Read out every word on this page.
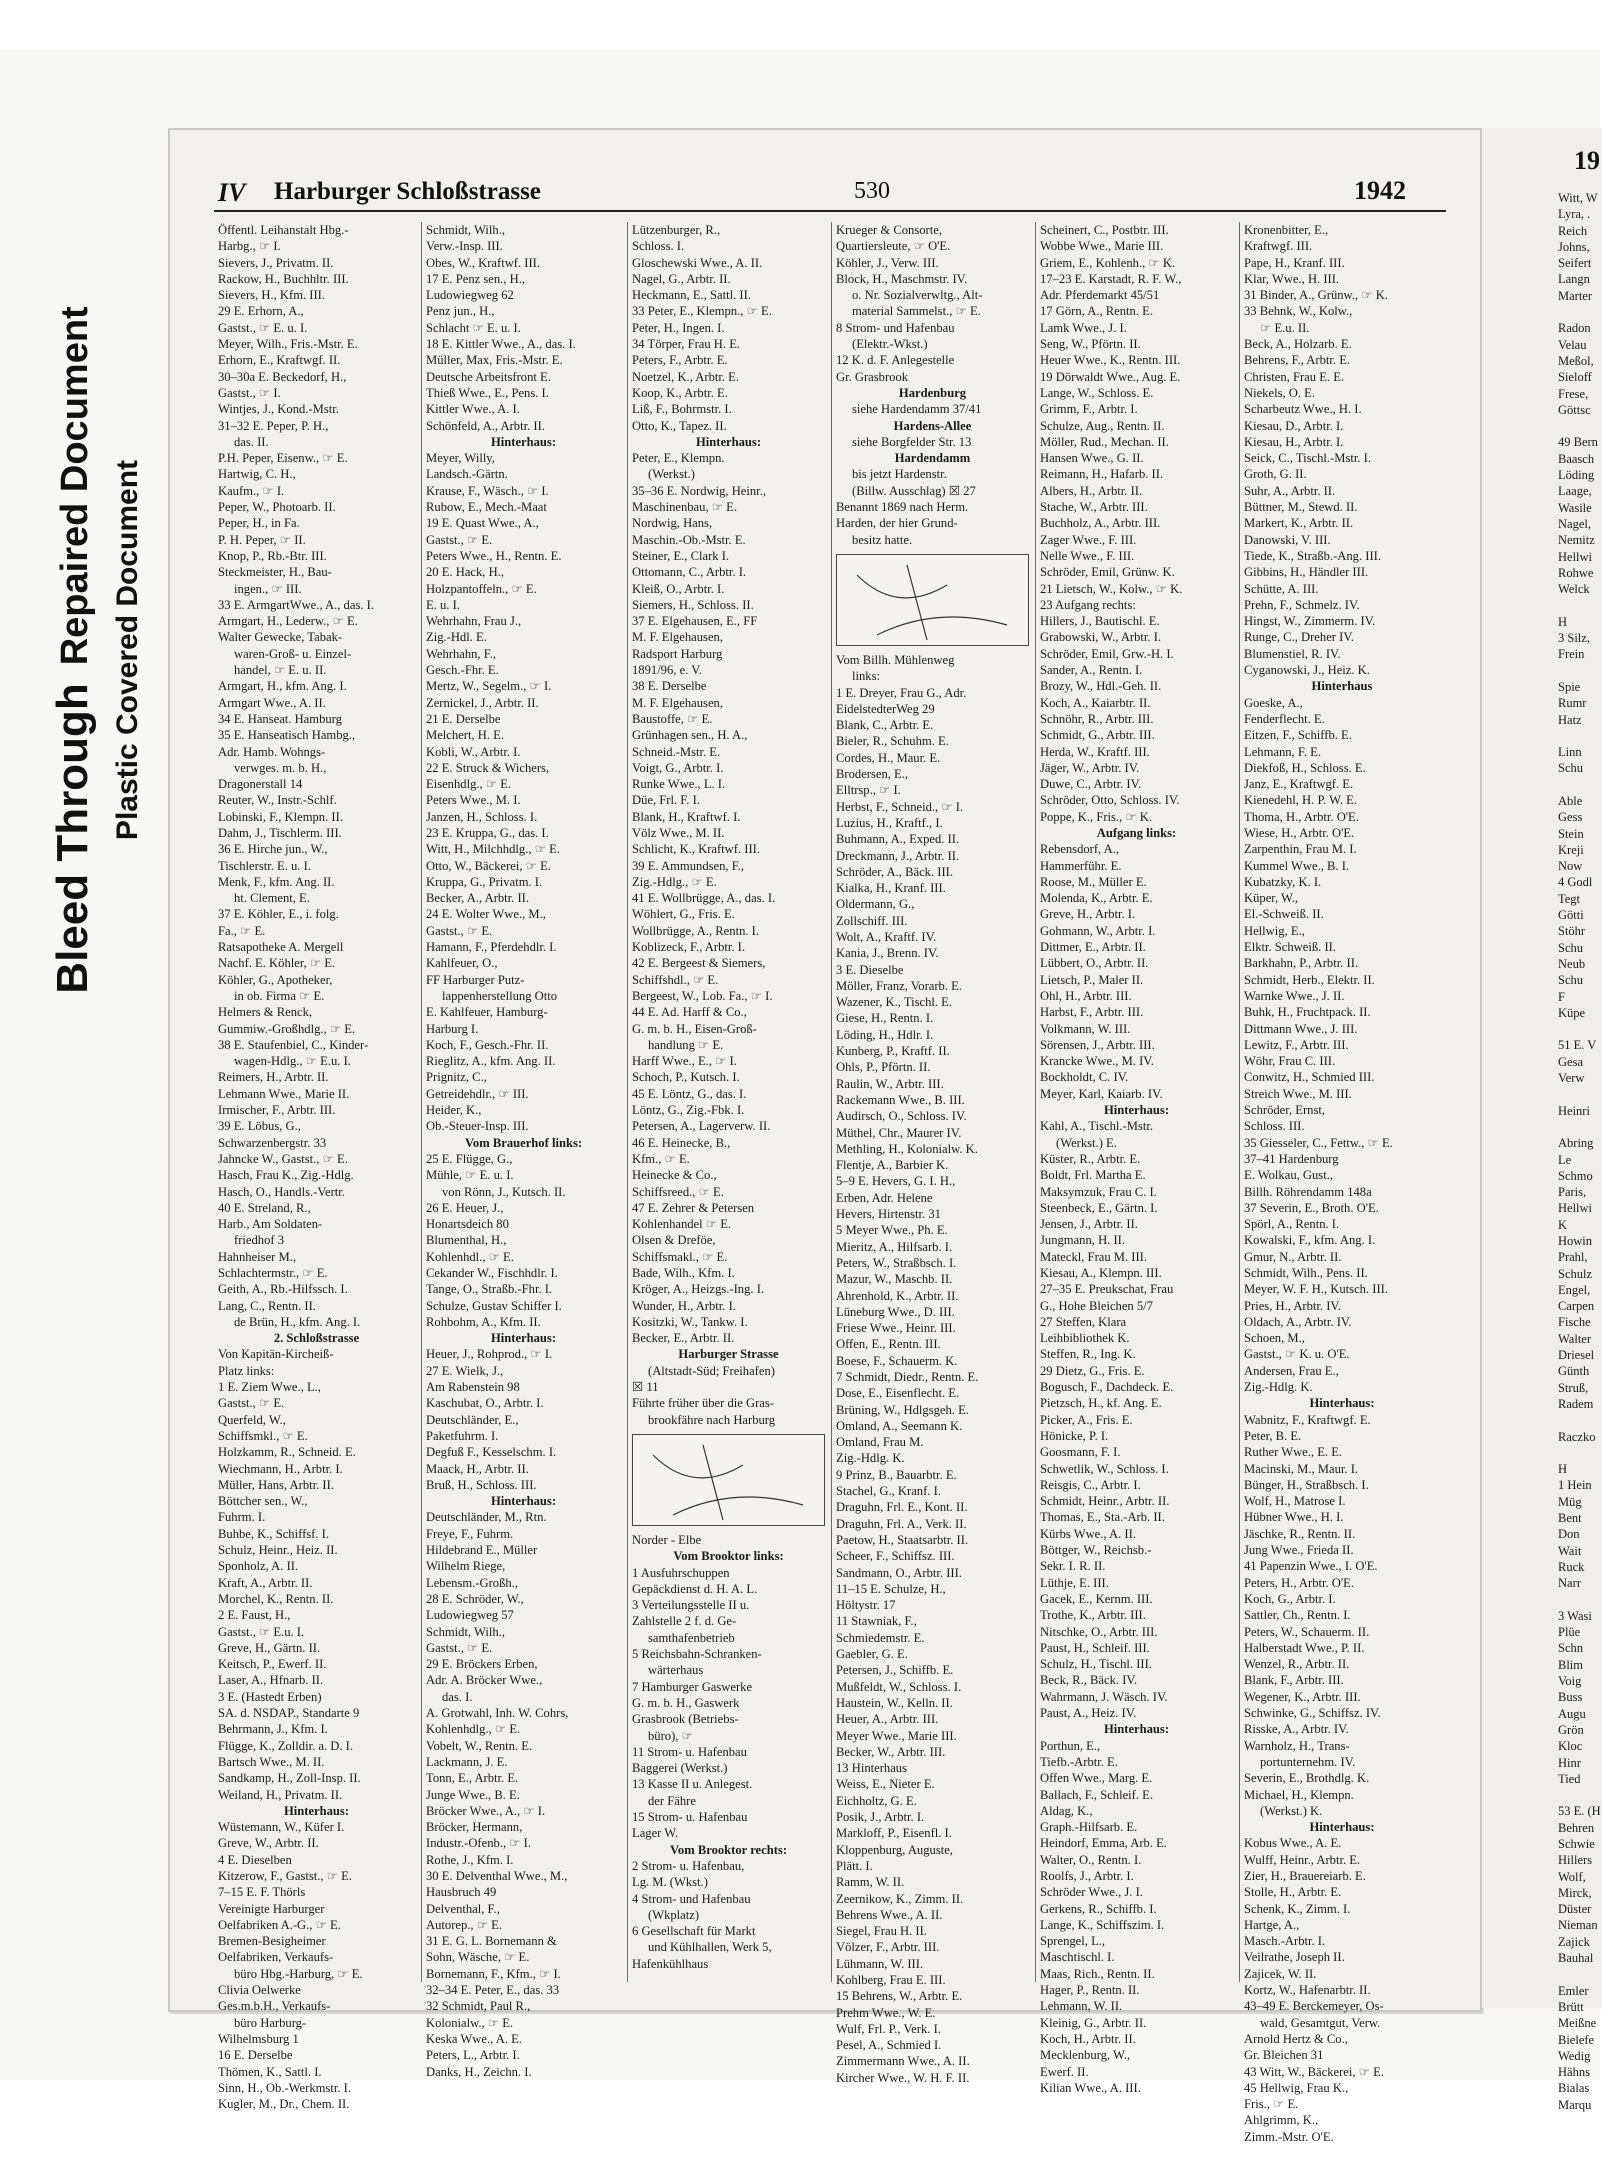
Bleed Through
Repaired Document Plastic Covered Document
IV Harburger Schloßstrasse	530	1942
Öffentl. Leihanstalt Hbg.-
Harbg., ☞ I.
Sievers, J., Privatm. II.
Rackow, H., Buchhltr. III.
Sievers, H., Kfm. III.
29 E. Erhorn, A.,
Gastst., ☞ E. u. I.
Meyer, Wilh., Fris.-Mstr. E.
Erhorn, E., Kraftwgf. II.
30–30a E. Beckedorf, H.,
Gastst., ☞ I.
Wintjes, J., Kond.-Mstr.
31–32 E. Peper, P. H.,
das. II.
P.H. Peper, Eisenw., ☞ E.
Hartwig, C. H.,
Kaufm., ☞ I.
Peper, W., Photoarb. II.
Peper, H., in Fa.
P. H. Peper, ☞ II.
Knop, P., Rb.-Btr. III.
Steckmeister, H., Bau-
ingen., ☞ III.
33 E. ArmgartWwe., A., das. I.
Armgart, H., Lederw., ☞ E.
Walter Gewecke, Tabak-
waren-Groß- u. Einzel-
handel, ☞ E. u. II.
Armgart, H., kfm. Ang. I.
Armgart Wwe., A. II.
34 E. Hanseat. Hamburg
35 E. Hanseatisch Hambg.,
Adr. Hamb. Wohngs-
verwges. m. b. H.,
Dragonerstall 14
Reuter, W., Instr.-Schlf.
Lobinski, F., Klempn. II.
Dahm, J., Tischlerm. III.
36 E. Hirche jun., W.,
Tischlerstr. E. u. I.
Menk, F., kfm. Ang. II.
ht. Clement, E.
37 E. Köhler, E., i. folg.
Fa., ☞ E.
Ratsapotheke A. Mergell
Nachf. E. Köhler, ☞ E.
Köhler, G., Apotheker,
in ob. Firma ☞ E.
Helmers & Renck,
Gummiw.-Großhdlg., ☞ E.
38 E. Staufenbiel, C., Kinder-
wagen-Hdlg., ☞ E.u. I.
Reimers, H., Arbtr. II.
Lehmann Wwe., Marie II.
Irmischer, F., Arbtr. III.
39 E. Löbus, G.,
Schwarzenbergstr. 33
Jahncke W., Gastst., ☞ E.
Hasch, Frau K., Zig.-Hdlg.
Hasch, O., Handls.-Vertr.
40 E. Streland, R.,
Harb., Am Soldaten-
friedhof 3
Hahnheiser M.,
Schlachtermstr., ☞ E.
Geith, A., Rb.-Hilfssch. I.
Lang, C., Rentn. II.
de Brün, H., kfm. Ang. I.
2. Schloßstrasse
Von Kapitän-Kircheiß-
Platz links:
1 E. Ziem Wwe., L.,
Gastst., ☞ E.
Querfeld, W.,
Schiffsmkl., ☞ E.
Holzkamm, R., Schneid. E.
Wiechmann, H., Arbtr. I.
Müller, Hans, Arbtr. II.
Böttcher sen., W.,
Fuhrm. I.
Buhbe, K., Schiffsf. I.
Schulz, Heinr., Heiz. II.
Sponholz, A. II.
Kraft, A., Arbtr. II.
Morchel, K., Rentn. II.
2 E. Faust, H.,
Gastst., ☞ E.u. I.
Greve, H., Gärtn. II.
Keitsch, P., Ewerf. II.
Laser, A., Hfnarb. II.
3 E. (Hastedt Erben)
SA. d. NSDAP., Standarte 9
Behrmann, J., Kfm. I.
Flügge, K., Zolldir. a. D. I.
Bartsch Wwe., M. II.
Sandkamp, H., Zoll-Insp. II.
Weiland, H., Privatm. II.
Hinterhaus:
Wüstemann, W., Küfer I.
Greve, W., Arbtr. II.
4 E. Dieselben
Kitzerow, F., Gastst., ☞ E.
7–15 E. F. Thörls
Vereinigte Harburger
Oelfabriken A.-G., ☞ E.
Bremen-Besigheimer
Oelfabriken, Verkaufs-
büro Hbg.-Harburg, ☞ E.
Clivia Oelwerke
Ges.m.b.H., Verkaufs-
büro Harburg-
Wilhelmsburg 1
16 E. Derselbe
Thömen, K., Sattl. I.
Sinn, H., Ob.-Werkmstr. I.
Kugler, M., Dr., Chem. II.
Schmidt, Wilh.,
Verw.-Insp. III.
Obes, W., Kraftwf. III.
17 E. Penz sen., H.,
Ludowiegweg 62
Penz jun., H.,
Schlacht ☞ E. u. I.
18 E. Kittler Wwe., A., das. I.
Müller, Max, Fris.-Mstr. E.
Deutsche Arbeitsfront E.
Thieß Wwe., E., Pens. I.
Kittler Wwe., A. I.
Schönfeld, A., Arbtr. II.
Hinterhaus:
Meyer, Willy,
Landsch.-Gärtn.
Krause, F., Wäsch., ☞ I.
Rubow, E., Mech.-Maat
19 E. Quast Wwe., A.,
Gastst., ☞ E.
Peters Wwe., H., Rentn. E.
20 E. Hack, H.,
Holzpantoffeln., ☞ E.
E. u. I.
Wehrhahn, Frau J.,
Zig.-Hdl. E.
Wehrhahn, F.,
Gesch.-Fhr. E.
Mertz, W., Segelm., ☞ I.
Zernickel, J., Arbtr. II.
21 E. Derselbe
Melchert, H. E.
Kobli, W., Arbtr. I.
22 E. Struck & Wichers,
Eisenhdlg., ☞ E.
Peters Wwe., M. I.
Janzen, H., Schloss. I.
23 E. Kruppa, G., das. I.
Witt, H., Milchhdlg., ☞ E.
Otto, W., Bäckerei, ☞ E.
Kruppa, G., Privatm. I.
Becker, A., Arbtr. II.
24 E. Wolter Wwe., M.,
Gastst., ☞ E.
Hamann, F., Pferdehdlr. I.
Kahlfeuer, O.,
FF Harburger Putz-
lappenherstellung Otto
E. Kahlfeuer, Hamburg-
Harburg I.
Koch, F., Gesch.-Fhr. II.
Rieglitz, A., kfm. Ang. II.
Prignitz, C.,
Getreidehdlr., ☞ III.
Heider, K.,
Ob.-Steuer-Insp. III.
Vom Brauerhof links:
25 E. Flügge, G.,
Mühle, ☞ E. u. I.
von Rönn, J., Kutsch. II.
26 E. Heuer, J.,
Honartsdeich 80
Blumenthal, H.,
Kohlenhdl., ☞ E.
Cekander W., Fischhdlr. I.
Tange, O., Straßb.-Fhr. I.
Schulze, Gustav Schiffer I.
Rohbohm, A., Kfm. II.
Hinterhaus:
Heuer, J., Rohprod., ☞ I.
27 E. Wielk, J.,
Am Rabenstein 98
Kaschubat, O., Arbtr. I.
Deutschländer, E.,
Paketfuhrm. I.
Degfuß F., Kesselschm. I.
Maack, H., Arbtr. II.
Bruß, H., Schloss. III.
Hinterhaus:
Deutschländer, M., Rtn.
Freye, F., Fuhrm.
Hildebrand E., Müller
Wilhelm Riege,
Lebensm.-Großh.,
28 E. Schröder, W.,
Ludowiegweg 57
Schmidt, Wilh.,
Gastst., ☞ E.
29 E. Bröckers Erben,
Adr. A. Bröcker Wwe.,
das. I.
A. Grotwahl, Inh. W. Cohrs,
Kohlenhdlg., ☞ E.
Vobelt, W., Rentn. E.
Lackmann, J. E.
Tonn, E., Arbtr. E.
Junge Wwe., B. E.
Bröcker Wwe., A., ☞ I.
Bröcker, Hermann,
Industr.-Ofenb., ☞ I.
Rothe, J., Kfm. I.
30 E. Delventhal Wwe., M.,
Hausbruch 49
Delventhal, F.,
Autorep., ☞ E.
31 E. G. L. Bornemann &
Sohn, Wäsche, ☞ E.
Bornemann, F., Kfm., ☞ I.
32–34 E. Peter, E., das. 33
32 Schmidt, Paul R.,
Kolonialw., ☞ E.
Keska Wwe., A. E.
Peters, L., Arbtr. I.
Danks, H., Zeichn. I.
Lützenburger, R.,
Schloss. I.
Gloschewski Wwe., A. II.
Nagel, G., Arbtr. II.
Heckmann, E., Sattl. II.
33 Peter, E., Klempn., ☞ E.
Peter, H., Ingen. I.
34 Törper, Frau H. E.
Peters, F., Arbtr. E.
Noetzel, K., Arbtr. E.
Koop, K., Arbtr. E.
Liß, F., Bohrmstr. I.
Otto, K., Tapez. II.
Hinterhaus:
Peter, E., Klempn.
(Werkst.)
35–36 E. Nordwig, Heinr.,
Maschinenbau, ☞ E.
Nordwig, Hans,
Maschin.-Ob.-Mstr. E.
Steiner, E., Clark I.
Ottomann, C., Arbtr. I.
Kleiß, O., Arbtr. I.
Siemers, H., Schloss. II.
37 E. Elgehausen, E., FF
M. F. Elgehausen,
Radsport Harburg
1891/96, e. V.
38 E. Derselbe
M. F. Elgehausen,
Baustoffe, ☞ E.
Grünhagen sen., H. A.,
Schneid.-Mstr. E.
Voigt, G., Arbtr. I.
Runke Wwe., L. I.
Düe, Frl. F. I.
Blank, H., Kraftwf. I.
Völz Wwe., M. II.
Schlicht, K., Kraftwf. III.
39 E. Ammundsen, F.,
Zig.-Hdlg., ☞ E.
41 E. Wollbrügge, A., das. I.
Wöhlert, G., Fris. E.
Wollbrügge, A., Rentn. I.
Koblizeck, F., Arbtr. I.
42 E. Bergeest & Siemers,
Schiffshdl., ☞ E.
Bergeest, W., Lob. Fa., ☞ I.
44 E. Ad. Harff & Co.,
G. m. b. H., Eisen-Groß-
handlung ☞ E.
Harff Wwe., E., ☞ I.
Schoch, P., Kutsch. I.
45 E. Löntz, G., das. I.
Löntz, G., Zig.-Fbk. I.
Petersen, A., Lagerverw. II.
46 E. Heinecke, B.,
Kfm., ☞ E.
Heinecke & Co.,
Schiffsreed., ☞ E.
47 E. Zehrer & Petersen
Kohlenhandel ☞ E.
Olsen & Dreföe,
Schiffsmakl., ☞ E.
Bade, Wilh., Kfm. I.
Kröger, A., Heizgs.-Ing. I.
Wunder, H., Arbtr. I.
Kositzki, W., Tankw. I.
Becker, E., Arbtr. II.
Harburger Strasse
(Altstadt-Süd; Freihafen)
☒ 11
Führte früher über die Gras-
brookfähre nach Harburg
Norder - Elbe
Vom Brooktor links:
1 Ausfuhrschuppen
Gepäckdienst d. H. A. L.
3 Verteilungsstelle II u.
Zahlstelle 2 f. d. Ge-
samthafenbetrieb
5 Reichsbahn-Schranken-
wärterhaus
7 Hamburger Gaswerke
G. m. b. H., Gaswerk
Grasbrook (Betriebs-
büro), ☞
11 Strom- u. Hafenbau
Baggerei (Werkst.)
13 Kasse II u. Anlegest.
der Fähre
15 Strom- u. Hafenbau
Lager W.
Vom Brooktor rechts:
2 Strom- u. Hafenbau,
Lg. M. (Wkst.)
4 Strom- und Hafenbau
(Wkplatz)
6 Gesellschaft für Markt
und Kühlhallen, Werk 5,
Hafenkühlhaus
Krueger & Consorte,
Quartiersleute, ☞ O'E.
Köhler, J., Verw. III.
Block, H., Maschmstr. IV.
o. Nr. Sozialverwltg., Alt-
material Sammelst., ☞ E.
8 Strom- und Hafenbau
(Elektr.-Wkst.)
12 K. d. F. Anlegestelle
Gr. Grasbrook
Hardenburg
siehe Hardendamm 37/41
Hardens-Allee
siehe Borgfelder Str. 13
Hardendamm
bis jetzt Hardenstr.
(Billw. Ausschlag) ☒ 27
Benannt 1869 nach Herm.
Harden, der hier Grund-
besitz hatte.
Vom Billh. Mühlenweg
links:
1 E. Dreyer, Frau G., Adr.
EidelstedterWeg 29
Blank, C., Arbtr. E.
Bieler, R., Schuhm. E.
Cordes, H., Maur. E.
Brodersen, E.,
Elltrsp., ☞ I.
Herbst, F., Schneid., ☞ I.
Luzius, H., Kraftf., I.
Buhmann, A., Exped. II.
Dreckmann, J., Arbtr. II.
Schröder, A., Bäck. III.
Kialka, H., Kranf. III.
Oldermann, G.,
Zollschiff. III.
Wolt, A., Kraftf. IV.
Kania, J., Brenn. IV.
3 E. Dieselbe
Möller, Franz, Vorarb. E.
Wazener, K., Tischl. E.
Giese, H., Rentn. I.
Löding, H., Hdlr. I.
Kunberg, P., Kraftf. II.
Ohls, P., Pförtn. II.
Raulin, W., Arbtr. III.
Rackemann Wwe., B. III.
Audirsch, O., Schloss. IV.
Müthel, Chr., Maurer IV.
Methling, H., Kolonialw. K.
Flentje, A., Barbier K.
5–9 E. Hevers, G. I. H.,
Erben, Adr. Helene
Hevers, Hirtenstr. 31
5 Meyer Wwe., Ph. E.
Mieritz, A., Hilfsarb. I.
Peters, W., Straßbsch. I.
Mazur, W., Maschb. II.
Ahrenhold, K., Arbtr. II.
Lüneburg Wwe., D. III.
Friese Wwe., Heinr. III.
Offen, E., Rentn. III.
Boese, F., Schauerm. K.
7 Schmidt, Diedr., Rentn. E.
Dose, E., Eisenflecht. E.
Brüning, W., Hdlgsgeh. E.
Omland, A., Seemann K.
Omland, Frau M.
Zig.-Hdlg. K.
9 Prinz, B., Bauarbtr. E.
Stachel, G., Kranf. I.
Draguhn, Frl. E., Kont. II.
Draguhn, Frl. A., Verk. II.
Paetow, H., Staatsarbtr. II.
Scheer, F., Schiffsz. III.
Sandmann, O., Arbtr. III.
11–15 E. Schulze, H.,
Höltystr. 17
11 Stawniak, F.,
Schmiedemstr. E.
Gaebler, G. E.
Petersen, J., Schiffb. E.
Mußfeldt, W., Schloss. I.
Haustein, W., Kelln. II.
Heuer, A., Arbtr. III.
Meyer Wwe., Marie III.
Becker, W., Arbtr. III.
13 Hinterhaus
Weiss, E., Nieter E.
Eichholtz, G. E.
Posik, J., Arbtr. I.
Markloff, P., Eisenfl. I.
Kloppenburg, Auguste,
Plätt. I.
Ramm, W. II.
Zeernikow, K., Zimm. II.
Behrens Wwe., A. II.
Siegel, Frau H. II.
Völzer, F., Arbtr. III.
Lühmann, W. III.
Kohlberg, Frau E. III.
15 Behrens, W., Arbtr. E.
Prehm Wwe., W. E.
Wulf, Frl. P., Verk. I.
Pesel, A., Schmied I.
Zimmermann Wwe., A. II.
Kircher Wwe., W. H. F. II.
Scheinert, C., Postbtr. III.
Wobbe Wwe., Marie III.
Griem, E., Kohlenh., ☞ K.
17–23 E. Karstadt, R. F. W.,
Adr. Pferdemarkt 45/51
17 Görn, A., Rentn. E.
Lamk Wwe., J. I.
Seng, W., Pförtn. II.
Heuer Wwe., K., Rentn. III.
19 Dörwaldt Wwe., Aug. E.
Lange, W., Schloss. E.
Grimm, F., Arbtr. I.
Schulze, Aug., Rentn. II.
Möller, Rud., Mechan. II.
Hansen Wwe., G. II.
Reimann, H., Hafarb. II.
Albers, H., Arbtr. II.
Stache, W., Arbtr. III.
Buchholz, A., Arbtr. III.
Zager Wwe., F. III.
Nelle Wwe., F. III.
Schröder, Emil, Grünw. K.
21 Lietsch, W., Kolw., ☞ K.
23 Aufgang rechts:
Hillers, J., Bautischl. E.
Grabowski, W., Arbtr. I.
Schröder, Emil, Grw.-H. I.
Sander, A., Rentn. I.
Brozy, W., Hdl.-Geh. II.
Koch, A., Kaiarbtr. II.
Schnöhr, R., Arbtr. III.
Schmidt, G., Arbtr. III.
Herda, W., Kraftf. III.
Jäger, W., Arbtr. IV.
Duwe, C., Arbtr. IV.
Schröder, Otto, Schloss. IV.
Poppe, K., Fris., ☞ K.
Aufgang links:
Rebensdorf, A.,
Hammerführ. E.
Roose, M., Müller E.
Molenda, K., Arbtr. E.
Greve, H., Arbtr. I.
Gohmann, W., Arbtr. I.
Dittmer, E., Arbtr. II.
Lübbert, O., Arbtr. II.
Lietsch, P., Maler II.
Ohl, H., Arbtr. III.
Harbst, F., Arbtr. III.
Volkmann, W. III.
Sörensen, J., Arbtr. III.
Krancke Wwe., M. IV.
Bockholdt, C. IV.
Meyer, Karl, Kaiarb. IV.
Hinterhaus:
Kahl, A., Tischl.-Mstr.
(Werkst.) E.
Küster, R., Arbtr. E.
Boldt, Frl. Martha E.
Maksymzuk, Frau C. I.
Steenbeck, E., Gärtn. I.
Jensen, J., Arbtr. II.
Jungmann, H. II.
Mateckl, Frau M. III.
Kiesau, A., Klempn. III.
27–35 E. Preukschat, Frau
G., Hohe Bleichen 5/7
27 Steffen, Klara
Leihbibliothek K.
Steffen, R., Ing. K.
29 Dietz, G., Fris. E.
Bogusch, F., Dachdeck. E.
Pietzsch, H., kf. Ang. E.
Picker, A., Fris. E.
Hönicke, P. I.
Goosmann, F. I.
Schwetlik, W., Schloss. I.
Reisgis, C., Arbtr. I.
Schmidt, Heinr., Arbtr. II.
Thomas, E., Sta.-Arb. II.
Kürbs Wwe., A. II.
Böttger, W., Reichsb.-
Sekr. I. R. II.
Lüthje, E. III.
Gacek, E., Kernm. III.
Trothe, K., Arbtr. III.
Nitschke, O., Arbtr. III.
Paust, H., Schleif. III.
Schulz, H., Tischl. III.
Beck, R., Bäck. IV.
Wahrmann, J. Wäsch. IV.
Paust, A., Heiz. IV.
Hinterhaus:
Porthun, E.,
Tiefb.-Arbtr. E.
Offen Wwe., Marg. E.
Ballach, F., Schleif. E.
Aldag, K.,
Graph.-Hilfsarb. E.
Heindorf, Emma, Arb. E.
Walter, O., Rentn. I.
Roolfs, J., Arbtr. I.
Schröder Wwe., J. I.
Gerkens, R., Schiffb. I.
Lange, K., Schiffszim. I.
Sprengel, L.,
Maschtischl. I.
Maas, Rich., Rentn. II.
Hager, P., Rentn. II.
Lehmann, W. II.
Kleinig, G., Arbtr. II.
Koch, H., Arbtr. II.
Mecklenburg, W.,
Ewerf. II.
Kilian Wwe., A. III.
Kronenbitter, E.,
Kraftwgf. III.
Pape, H., Kranf. III.
Klar, Wwe., H. III.
31 Binder, A., Grünw., ☞ K.
33 Behnk, W., Kolw.,
☞ E.u. II.
Beck, A., Holzarb. E.
Behrens, F., Arbtr. E.
Christen, Frau E. E.
Niekels, O. E.
Scharbeutz Wwe., H. I.
Kiesau, D., Arbtr. I.
Kiesau, H., Arbtr. I.
Seick, C., Tischl.-Mstr. I.
Groth, G. II.
Suhr, A., Arbtr. II.
Büttner, M., Stewd. II.
Markert, K., Arbtr. II.
Danowski, V. III.
Tiede, K., Straßb.-Ang. III.
Gibbins, H., Händler III.
Schütte, A. III.
Prehn, F., Schmelz. IV.
Hingst, W., Zimmerm. IV.
Runge, C., Dreher IV.
Blumenstiel, R. IV.
Cyganowski, J., Heiz. K.
Hinterhaus
Goeske, A.,
Fenderflecht. E.
Eitzen, F., Schiffb. E.
Lehmann, F. E.
Diekfoß, H., Schloss. E.
Janz, E., Kraftwgf. E.
Kienedehl, H. P. W. E.
Thoma, H., Arbtr. O'E.
Wiese, H., Arbtr. O'E.
Zarpenthin, Frau M. I.
Kummel Wwe., B. I.
Kubatzky, K. I.
Küper, W.,
El.-Schweiß. II.
Hellwig, E.,
Elktr. Schweiß. II.
Barkhahn, P., Arbtr. II.
Schmidt, Herb., Elektr. II.
Warnke Wwe., J. II.
Buhk, H., Fruchtpack. II.
Dittmann Wwe., J. III.
Lewitz, F., Arbtr. III.
Wöhr, Frau C. III.
Conwitz, H., Schmied III.
Streich Wwe., M. III.
Schröder, Ernst,
Schloss. III.
35 Giesseler, C., Fettw., ☞ E.
37–41 Hardenburg
E. Wolkau, Gust.,
Billh. Röhrendamm 148a
37 Severin, E., Broth. O'E.
Spörl, A., Rentn. I.
Kowalski, F., kfm. Ang. I.
Gmur, N., Arbtr. II.
Schmidt, Wilh., Pens. II.
Meyer, W. F. H., Kutsch. III.
Pries, H., Arbtr. IV.
Oldach, A., Arbtr. IV.
Schoen, M.,
Gastst., ☞ K. u. O'E.
Andersen, Frau E.,
Zig.-Hdlg. K.
Hinterhaus:
Wabnitz, F., Kraftwgf. E.
Peter, B. E.
Ruther Wwe., E. E.
Macinski, M., Maur. I.
Bünger, H., Straßbsch. I.
Wolf, H., Matrose I.
Hübner Wwe., H. I.
Jäschke, R., Rentn. II.
Jung Wwe., Frieda II.
41 Papenzin Wwe., I. O'E.
Peters, H., Arbtr. O'E.
Koch, G., Arbtr. I.
Sattler, Ch., Rentn. I.
Peters, W., Schauerm. II.
Halberstadt Wwe., P. II.
Wenzel, R., Arbtr. II.
Blank, F., Arbtr. III.
Wegener, K., Arbtr. III.
Schwinke, G., Schiffsz. IV.
Risske, A., Arbtr. IV.
Warnholz, H., Trans-
portunternehm. IV.
Severin, E., Brothdlg. K.
Michael, H., Klempn.
(Werkst.) K.
Hinterhaus:
Kobus Wwe., A. E.
Wulff, Heinr., Arbtr. E.
Zier, H., Brauereiarb. E.
Stolle, H., Arbtr. E.
Schenk, K., Zimm. I.
Hartge, A.,
Masch.-Arbtr. I.
Veilrathe, Joseph II.
Zajicek, W. II.
Kortz, W., Hafenarbtr. II.
43–49 E. Berckemeyer, Os-
wald, Gesamtgut, Verw.
Arnold Hertz & Co.,
Gr. Bleichen 31
43 Witt, W., Bäckerei, ☞ E.
45 Hellwig, Frau K.,
Fris., ☞ E.
Ahlgrimm, K.,
Zimm.-Mstr. O'E.
19
Witt, W
Lyra, .
Reich
Johns,
Seifert
Langn
Marter

Radon
Velau
Meßol,
Sieloff
Frese,
Göttsc

49 Bern
Baasch
Löding
Laage,
Wasile
Nagel,
Nemitz
Hellwi
Rohwe
Welck

H
3 Silz,
Frein

Spie
Rumr
Hatz

Linn
Schu

Able
Gess
Stein
Kreji
Now
4 Godl
Tegt
Götti
Stöhr
Schu
Neub
Schu
F
Küpe

51 E. V
Gesa
Verw

Heinri

Abring
Le
Schmo
Paris,
Hellwi
K
Howin
Prahl,
Schulz
Engel,
Carpen
Fische
Walter
Driesel
Günth
Struß,
Radem

Raczko

H
1 Hein
Müg
Bent
Don
Wait
Ruck
Narr

3 Wasi
Plüe
Schn
Blim
Voig
Buss
Augu
Grön
Kloc
Hinr
Tied

53 E. (H
Behren
Schwie
Hillers
Wolf,
Mirck,
Düster
Nieman
Zajick
Bauhal

Emler
Brütt
Meißne
Bielefe
Wedig
Hähns
Bialas
Marqu
